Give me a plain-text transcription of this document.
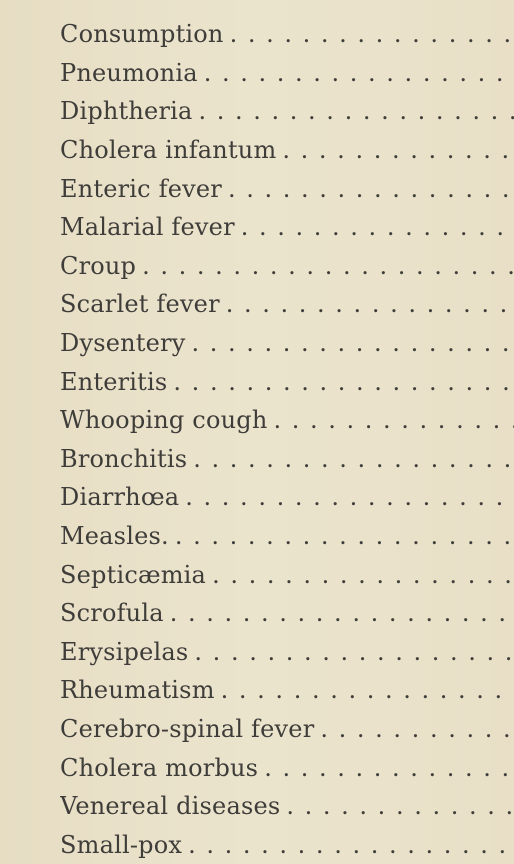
Consumption
. . .
Pneumonia
. . .
Diphtheria
. . .
Cholera infantum
. . .
Enteric fever
. . .
Malarial fever
. . .
Croup
. . .
Scarlet fever
. . .
Dysentery
. . .
Enteritis
. . .
Whooping cough
. . .
Bronchitis
. . .
Diarrhœa
. . .
Measles.
. . .
Septicæmia
. . .
Scrofula
. . .
Erysipelas
. . .
Rheumatism
. . .
Cerebro-spinal fever
. . .
Cholera morbus
. . .
Venereal diseases
. . .
Small-pox
. . .
